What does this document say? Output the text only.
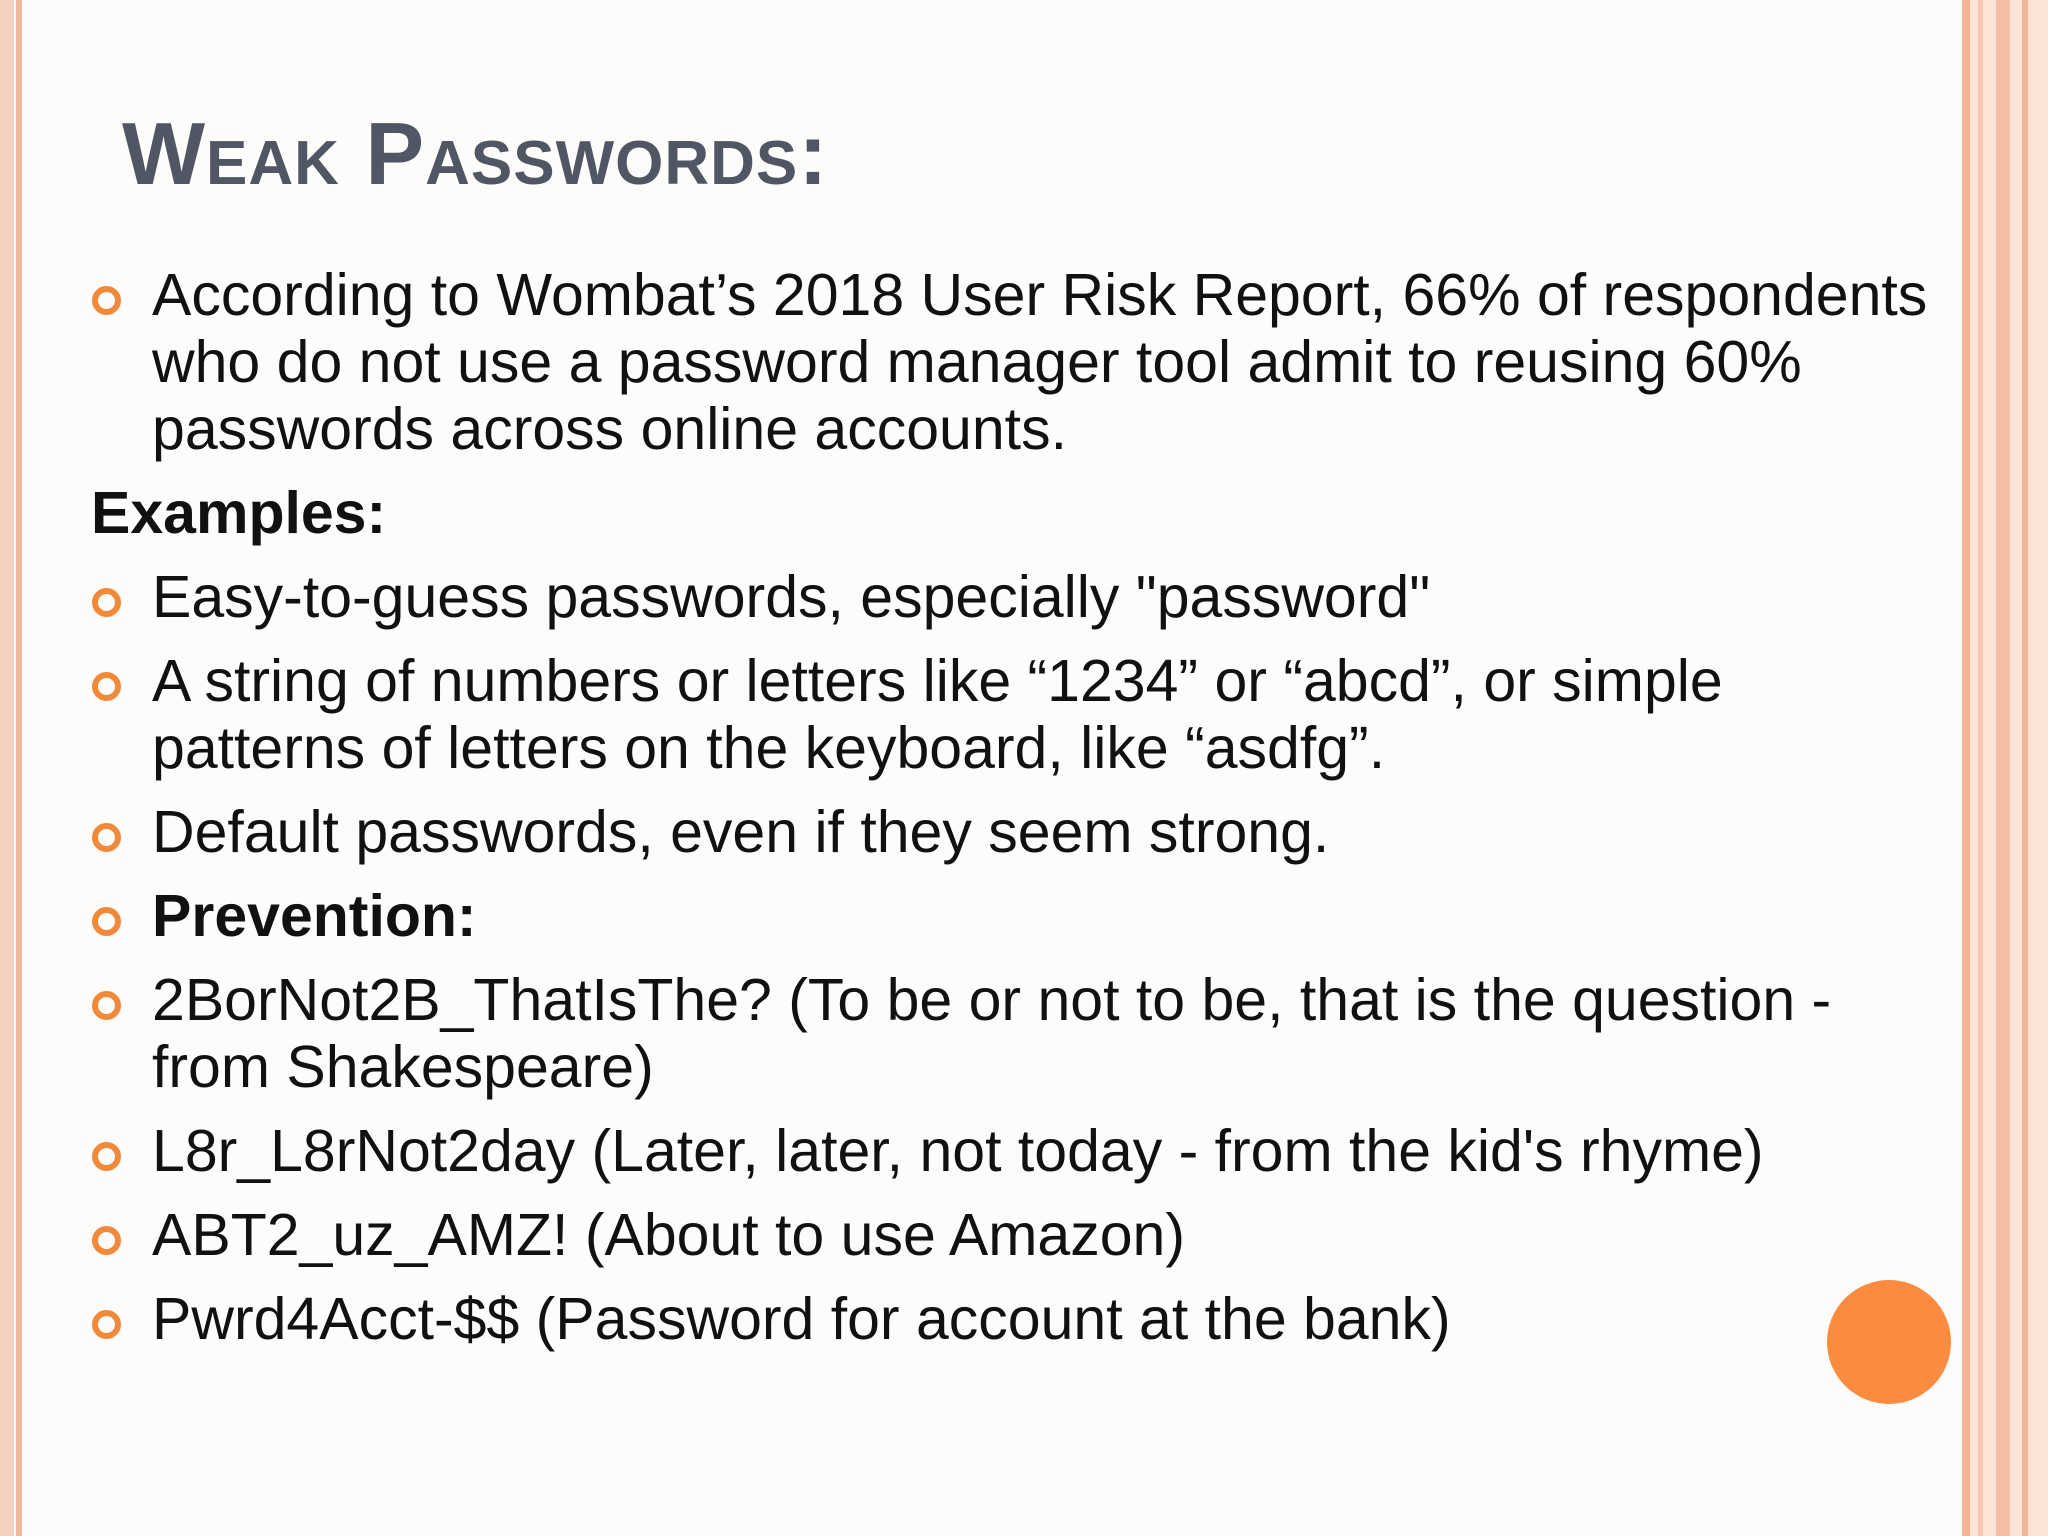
Weak Passwords:
According to Wombat’s 2018 User Risk Report, 66% of respondents who do not use a password manager tool admit to reusing 60% passwords across online accounts.
Examples:
Easy-to-guess passwords, especially "password"
A string of numbers or letters like “1234” or “abcd”, or simple patterns of letters on the keyboard, like “asdfg”.
Default passwords, even if they seem strong.
Prevention:
2BorNot2B_ThatIsThe? (To be or not to be, that is the question - from Shakespeare)
L8r_L8rNot2day (Later, later, not today - from the kid's rhyme)
ABT2_uz_AMZ! (About to use Amazon)
Pwrd4Acct-$$ (Password for account at the bank)
